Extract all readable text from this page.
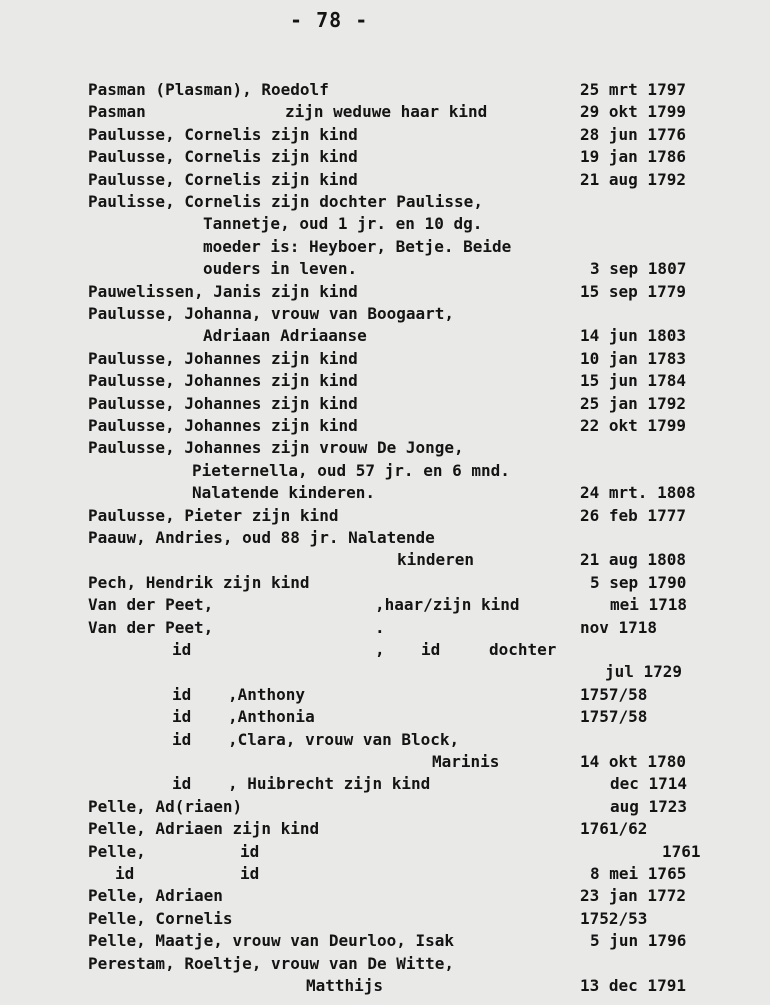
- 78 -
Pasman (Plasman), Roedolf	25 mrt 1797
Pasman	zijn weduwe haar kind	29 okt 1799
Paulusse, Cornelis zijn kind	28 jun 1776
Paulusse, Cornelis zijn kind	19 jan 1786
Paulusse, Cornelis zijn kind	21 aug 1792
Paulisse, Cornelis zijn dochter Paulisse,
Tannetje, oud 1 jr. en 10 dg.
moeder is: Heyboer, Betje. Beide
ouders in leven.	3 sep 1807
Pauwelissen, Janis zijn kind	15 sep 1779
Paulusse, Johanna, vrouw van Boogaart,
Adriaan Adriaanse	14 jun 1803
Paulusse, Johannes zijn kind	10 jan 1783
Paulusse, Johannes zijn kind	15 jun 1784
Paulusse, Johannes zijn kind	25 jan 1792
Paulusse, Johannes zijn kind	22 okt 1799
Paulusse, Johannes zijn vrouw De Jonge,
Pieternella, oud 57 jr. en 6 mnd.
Nalatende kinderen.	24 mrt. 1808
Paulusse, Pieter zijn kind	26 feb 1777
Paauw, Andries, oud 88 jr. Nalatende
kinderen	21 aug 1808
Pech, Hendrik zijn kind	5 sep 1790
Van der Peet,	,haar/zijn kind	mei 1718
Van der Peet,	.	nov 1718
id	, id	dochter
jul 1729
id ,Anthony	1757/58
id ,Anthonia	1757/58
id ,Clara, vrouw van Block,
Marinis	14 okt 1780
id , Huibrecht zijn kind	dec 1714
Pelle, Ad(riaen)	aug 1723
Pelle, Adriaen zijn kind	1761/62
Pelle,	id	1761
id	id	8 mei 1765
Pelle, Adriaen	23 jan 1772
Pelle, Cornelis	1752/53
Pelle, Maatje, vrouw van Deurloo, Isak	5 jun 1796
Perestam, Roeltje, vrouw van De Witte,
Matthijs	13 dec 1791
